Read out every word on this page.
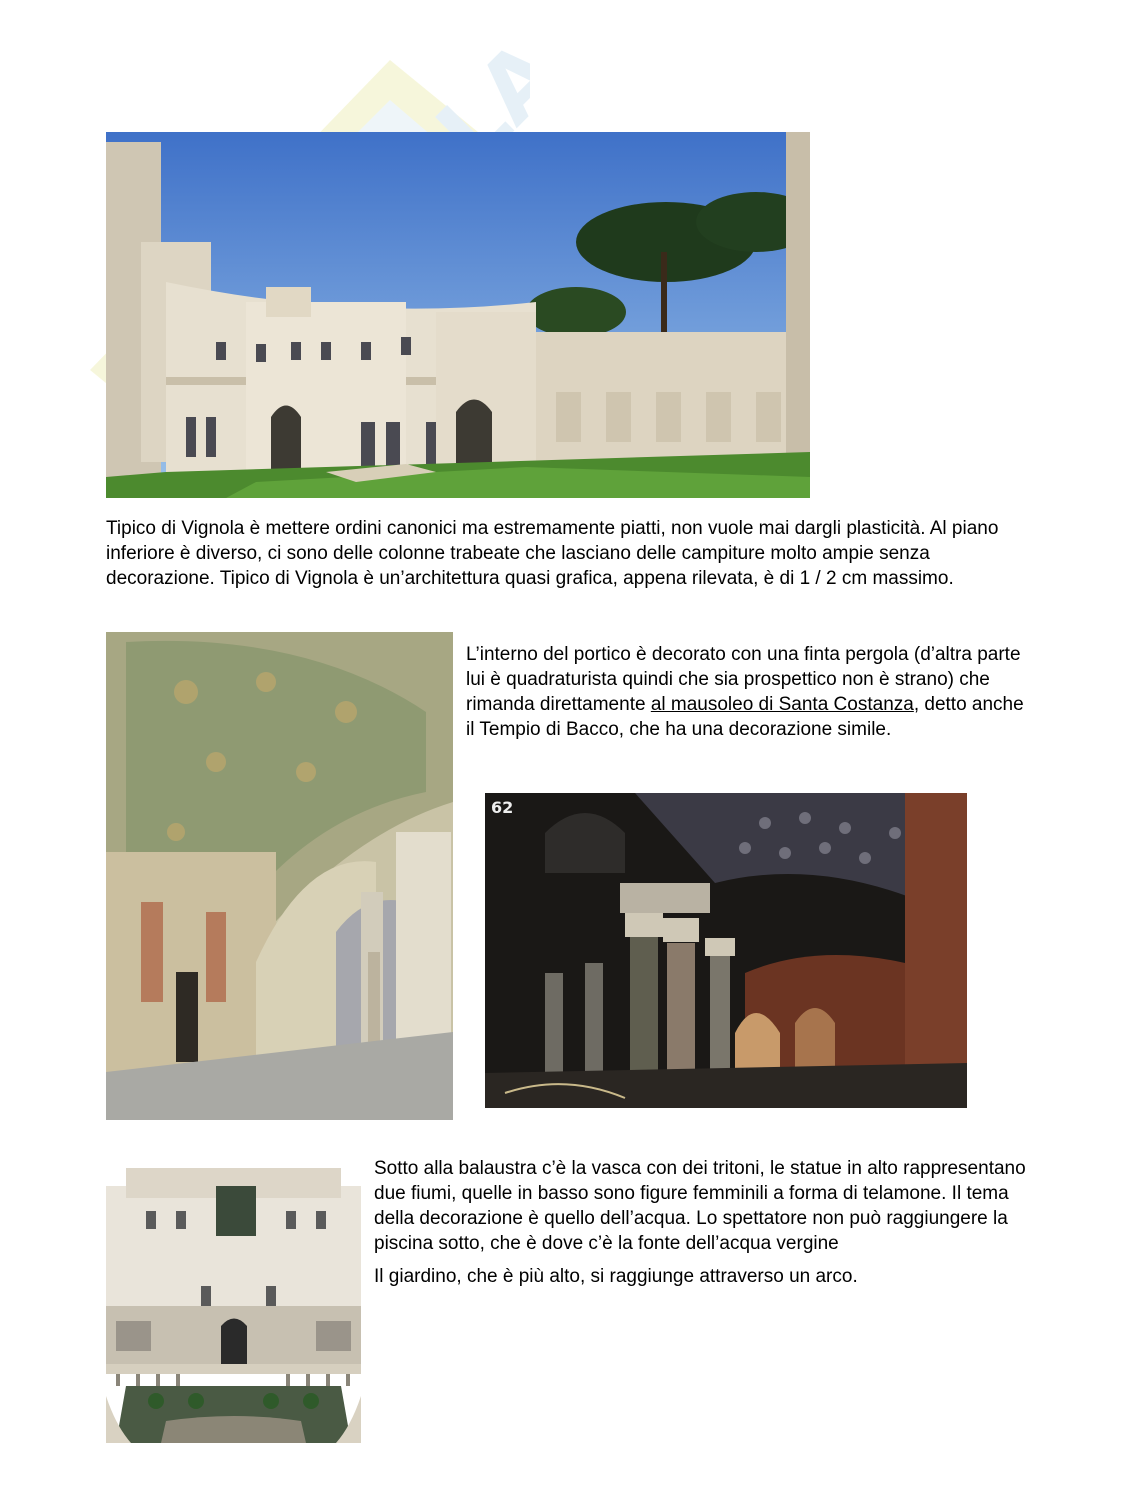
Tipico di Vignola è mettere ordini canonici ma estremamente piatti, non vuole mai dargli plasticità. Al piano inferiore è diverso, ci sono delle colonne trabeate che lasciano delle campiture molto ampie senza decorazione. Tipico di Vignola è un’architettura quasi grafica, appena rilevata, è di 1 / 2 cm massimo.

L’interno del portico è decorato con una finta pergola (d’altra parte lui è quadraturista quindi che sia prospettico non è strano) che rimanda direttamente al mausoleo di Santa Costanza, detto anche il Tempio di Bacco, che ha una decorazione simile.

62

Sotto alla balaustra c’è la vasca con dei tritoni, le statue in alto rappresentano due fiumi, quelle in basso sono figure femminili a forma di telamone. Il tema della decorazione è quello dell’acqua. Lo spettatore non può raggiungere la piscina sotto, che è dove c’è la fonte dell’acqua vergine

Il giardino, che è più alto, si raggiunge attraverso un arco.
